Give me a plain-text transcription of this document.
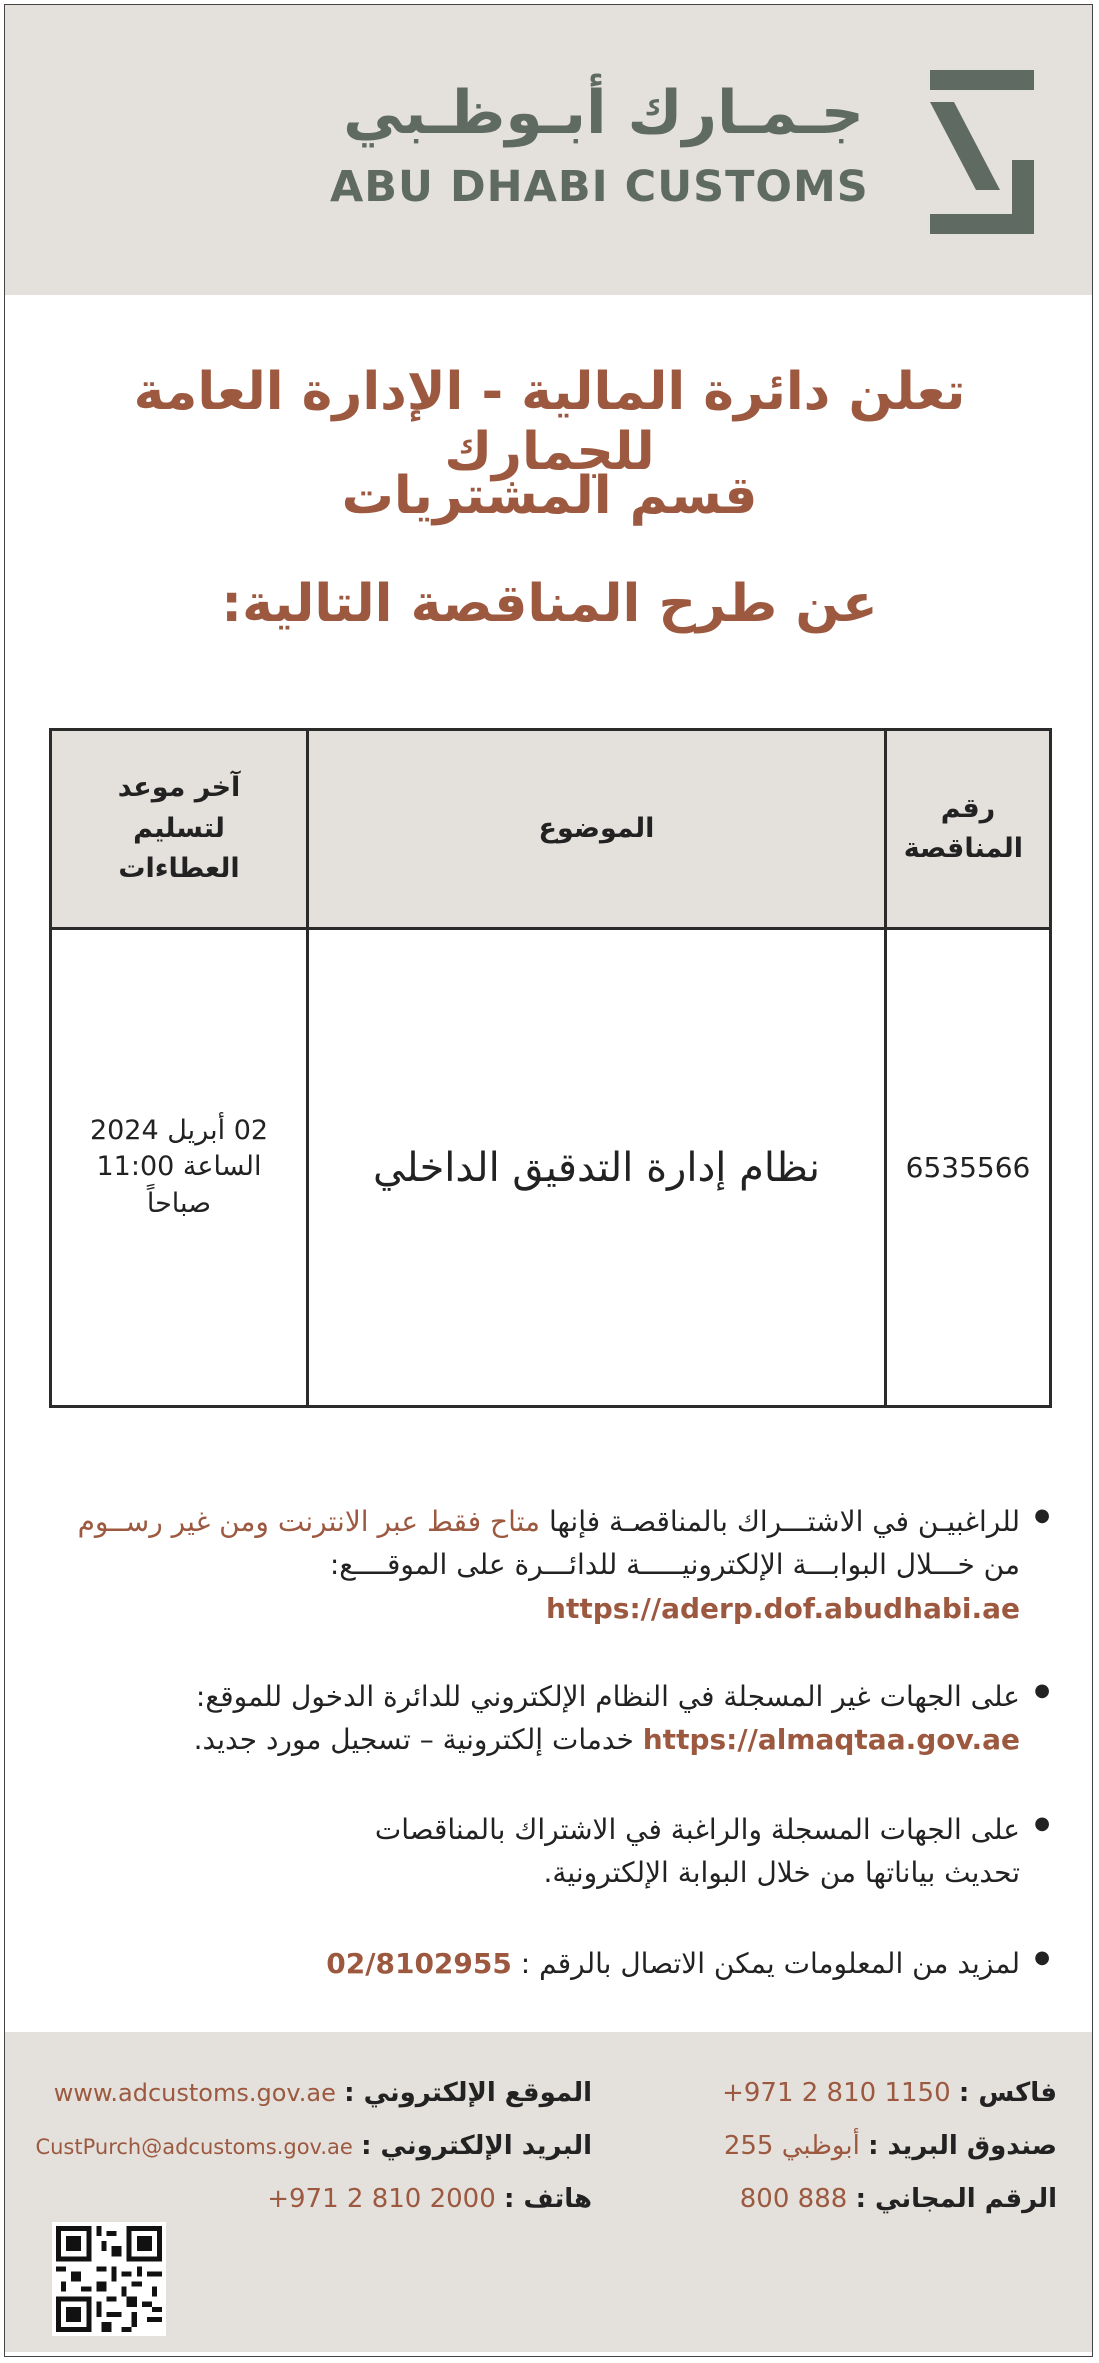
جـمـارك أبـوظـبي
ABU DHABI CUSTOMS
تعلن دائرة المالية - الإدارة العامة للجمارك
قسم المشتريات
عن طرح المناقصة التالية:
رقم المناقصة	الموضوع	آخر موعد لتسليم العطاءات

6535566	نظام إدارة التدقيق الداخلي	02 أبريل 2024
الساعة 11:00
صباحاً
● للراغبيـن في الاشتـــراك بالمناقصـة فإنها متاح فقط عبر الانترنت ومن غير رســوم من خـــلال البوابـــة الإلكترونيـــــة للدائـــرة على الموقــــع:
https://aderp.dof.abudhabi.ae
● على الجهات غير المسجلة في النظام الإلكتروني للدائرة الدخول للموقع:
https://almaqtaa.gov.ae خدمات إلكترونية – تسجيل مورد جديد.
● على الجهات المسجلة والراغبة في الاشتراك بالمناقصات تحديث بياناتها من خلال البوابة الإلكترونية.
● لمزيد من المعلومات يمكن الاتصال بالرقم : 02/8102955
فاكس : +971 2 810 1150
صندوق البريد : أبوظبي 255
الرقم المجاني : 800 888
الموقع الإلكتروني : www.adcustoms.gov.ae
البريد الإلكتروني : CustPurch@adcustoms.gov.ae
هاتف : +971 2 810 2000
